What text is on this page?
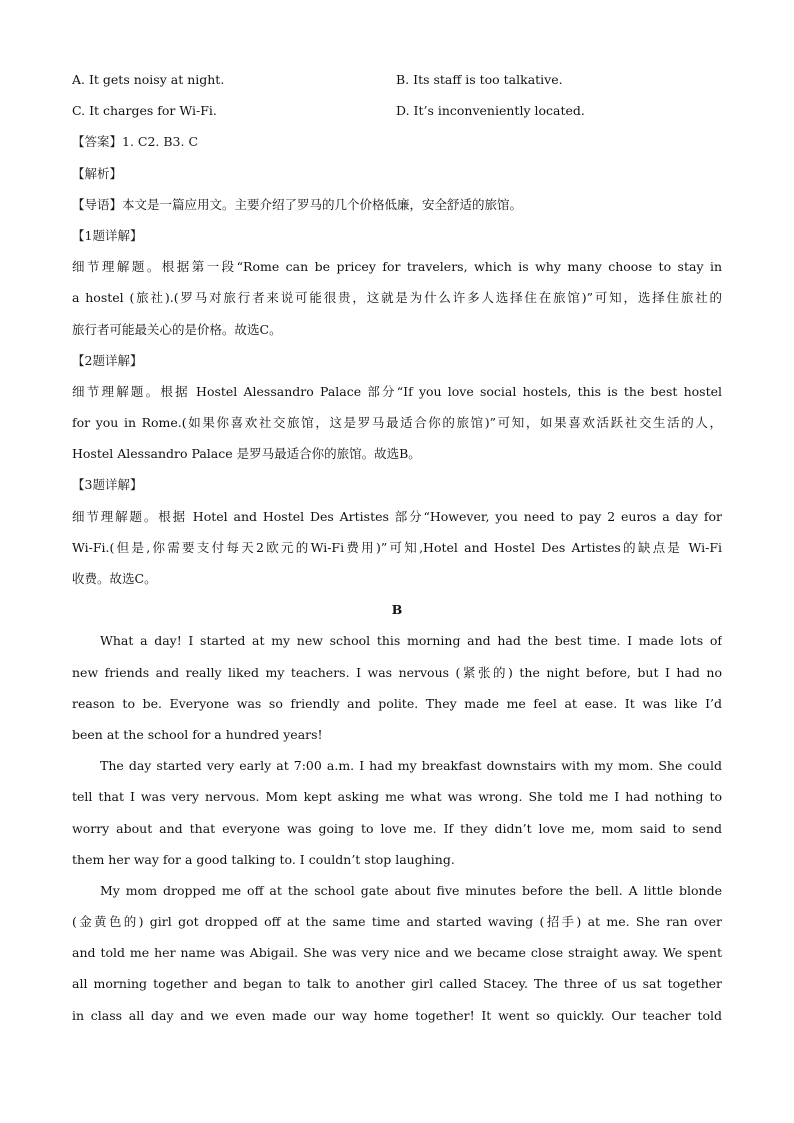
A. It gets noisy at night.	B. Its staff is too talkative.
C. It charges for Wi-Fi.	D. It’s inconveniently located.
【答案】1. C2. B3. C
【解析】
【导语】本文是一篇应用文。主要介绍了罗马的几个价格低廉，安全舒适的旅馆。
【1题详解】
细节理解题。根据第一段“Rome can be pricey for travelers, which is why many choose to stay in
a hostel (旅社).(罗马对旅行者来说可能很贵，这就是为什么许多人选择住在旅馆)”可知，选择住旅社的
旅行者可能最关心的是价格。故选C。
【2题详解】
细节理解题。根据 Hostel Alessandro Palace 部分“If you love social hostels, this is the best hostel
for you in Rome.(如果你喜欢社交旅馆，这是罗马最适合你的旅馆)”可知，如果喜欢活跃社交生活的人，
Hostel Alessandro Palace 是罗马最适合你的旅馆。故选B。
【3题详解】
细节理解题。根据 Hotel and Hostel Des Artistes 部分“However, you need to pay 2 euros a day for
Wi-Fi.(但是,你需要支付每天2欧元的Wi-Fi费用)”可知,Hotel and Hostel Des Artistes的缺点是 Wi-Fi
收费。故选C。
B
What a day! I started at my new school this morning and had the best time. I made lots of
new friends and really liked my teachers. I was nervous (紧张的) the night before, but I had no
reason to be. Everyone was so friendly and polite. They made me feel at ease. It was like I’d
been at the school for a hundred years!
The day started very early at 7:00 a.m. I had my breakfast downstairs with my mom. She could
tell that I was very nervous. Mom kept asking me what was wrong. She told me I had nothing to
worry about and that everyone was going to love me. If they didn’t love me, mom said to send
them her way for a good talking to. I couldn’t stop laughing.
My mom dropped me off at the school gate about five minutes before the bell. A little blonde
(金黄色的) girl got dropped off at the same time and started waving (招手) at me. She ran over
and told me her name was Abigail. She was very nice and we became close straight away. We spent
all morning together and began to talk to another girl called Stacey. The three of us sat together
in class all day and we even made our way home together! It went so quickly. Our teacher told
